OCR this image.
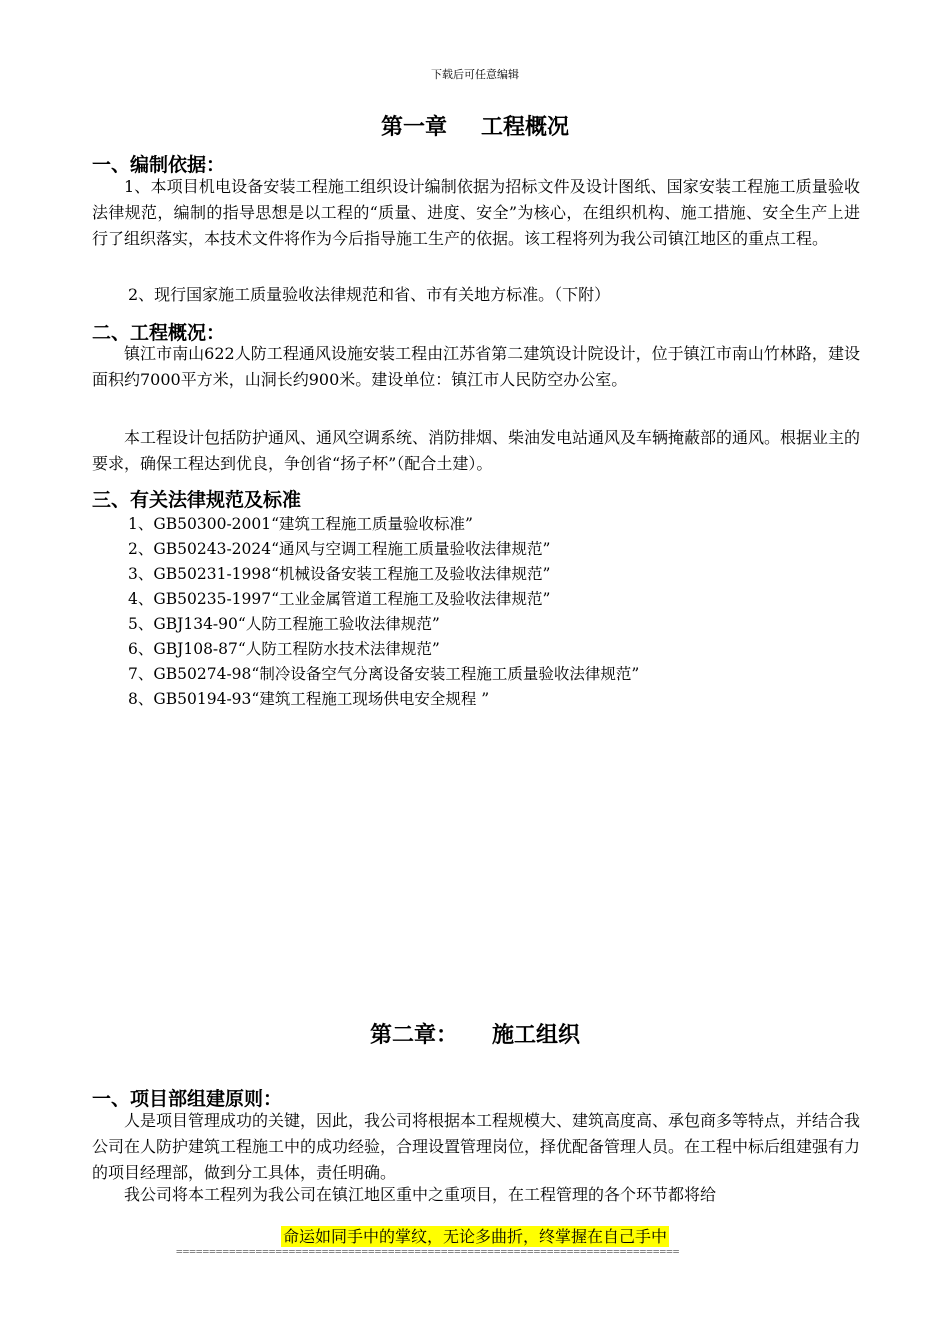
下载后可任意编辑
第一章 工程概况
一、编制依据：

1、本项目机电设备安装工程施工组织设计编制依据为招标文件及设计图纸、国家安装工程施工质量验收法律规范，编制的指导思想是以工程的“质量、进度、安全”为核心，在组织机构、施工措施、安全生产上进行了组织落实，本技术文件将作为今后指导施工生产的依据。该工程将列为我公司镇江地区的重点工程。

2、现行国家施工质量验收法律规范和省、市有关地方标准。（下附）
二、工程概况：

镇江市南山622人防工程通风设施安装工程由江苏省第二建筑设计院设计，位于镇江市南山竹林路，建设面积约7000平方米，山洞长约900米。建设单位：镇江市人民防空办公室。

本工程设计包括防护通风、通风空调系统、消防排烟、柴油发电站通风及车辆掩蔽部的通风。根据业主的要求，确保工程达到优良，争创省“扬子杯”（配合土建）。

三、有关法律规范及标准
1、GB50300-2001“建筑工程施工质量验收标准”
2、GB50243-2024“通风与空调工程施工质量验收法律规范”
3、GB50231-1998“机械设备安装工程施工及验收法律规范”
4、GB50235-1997“工业金属管道工程施工及验收法律规范”
5、GBJ134-90“人防工程施工验收法律规范”
6、GBJ108-87“人防工程防水技术法律规范”
7、GB50274-98“制冷设备空气分离设备安装工程施工质量验收法律规范”
8、GB50194-93“建筑工程施工现场供电安全规程 ”
第二章： 施工组织
一、项目部组建原则：

人是项目管理成功的关键，因此，我公司将根据本工程规模大、建筑高度高、承包商多等特点，并结合我公司在人防护建筑工程施工中的成功经验，合理设置管理岗位，择优配备管理人员。在工程中标后组建强有力的项目经理部，做到分工具体，责任明确。

我公司将本工程列为我公司在镇江地区重中之重项目，在工程管理的各个环节都将给

命运如同手中的掌纹，无论多曲折，终掌握在自己手中
============================================================================
